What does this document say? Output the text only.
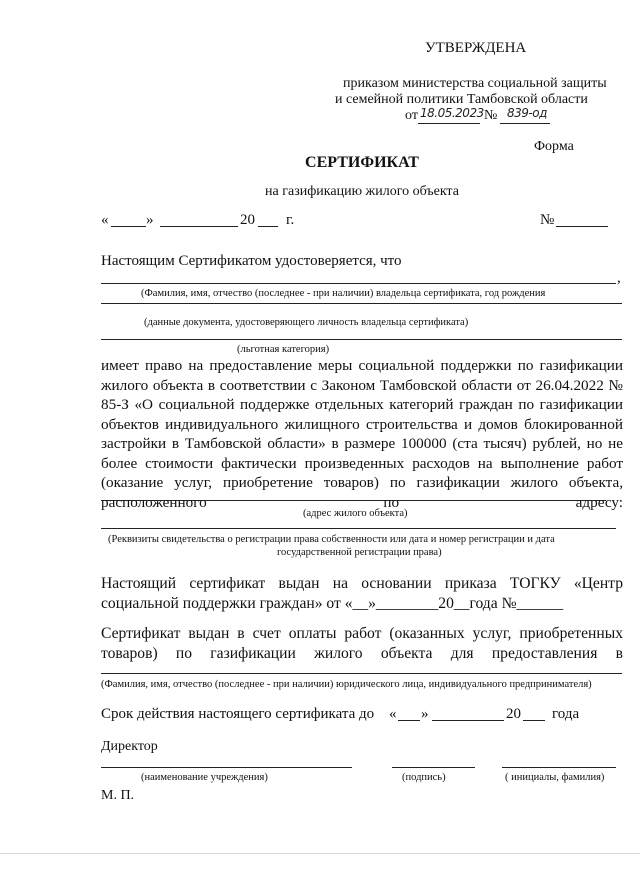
УТВЕРЖДЕНА
приказом министерства социальной защиты
и семейной политики Тамбовской области
от 18.05.2023 № 839-од
Форма
СЕРТИФИКАТ
на газификацию жилого объекта
«	»	20 г.	№
Настоящим Сертификатом удостоверяется, что
,
(Фамилия, имя, отчество (последнее - при наличии) владельца сертификата, год рождения
(данные документа, удостоверяющего личность владельца сертификата)
(льготная категория)
имеет право на предоставление меры социальной поддержки по газификации жилого объекта в соответствии с Законом Тамбовской области от 26.04.2022 № 85-З «О социальной поддержке отдельных категорий граждан по газификации объектов индивидуального жилищного строительства и домов блокированной застройки в Тамбовской области» в размере 100000 (ста тысяч) рублей, но не более стоимости фактически произведенных расходов на выполнение работ (оказание услуг, приобретение товаров) по газификации жилого объекта, расположенного по адресу:
(адрес жилого объекта)
(Реквизиты свидетельства о регистрации права собственности или дата и номер регистрации и дата
государственной регистрации права)
Настоящий сертификат выдан на основании приказа ТОГКУ «Центр социальной поддержки граждан» от «__»________20__года №______
Сертификат выдан в счет оплаты работ (оказанных услуг, приобретенных товаров) по газификации жилого объекта для предоставления в
(Фамилия, имя, отчество (последнее - при наличии) юридического лица, индивидуального предпринимателя)
Срок действия настоящего сертификата до « »	20 года
Директор
(наименование учреждения)	(подпись)	( инициалы, фамилия)
М. П.
